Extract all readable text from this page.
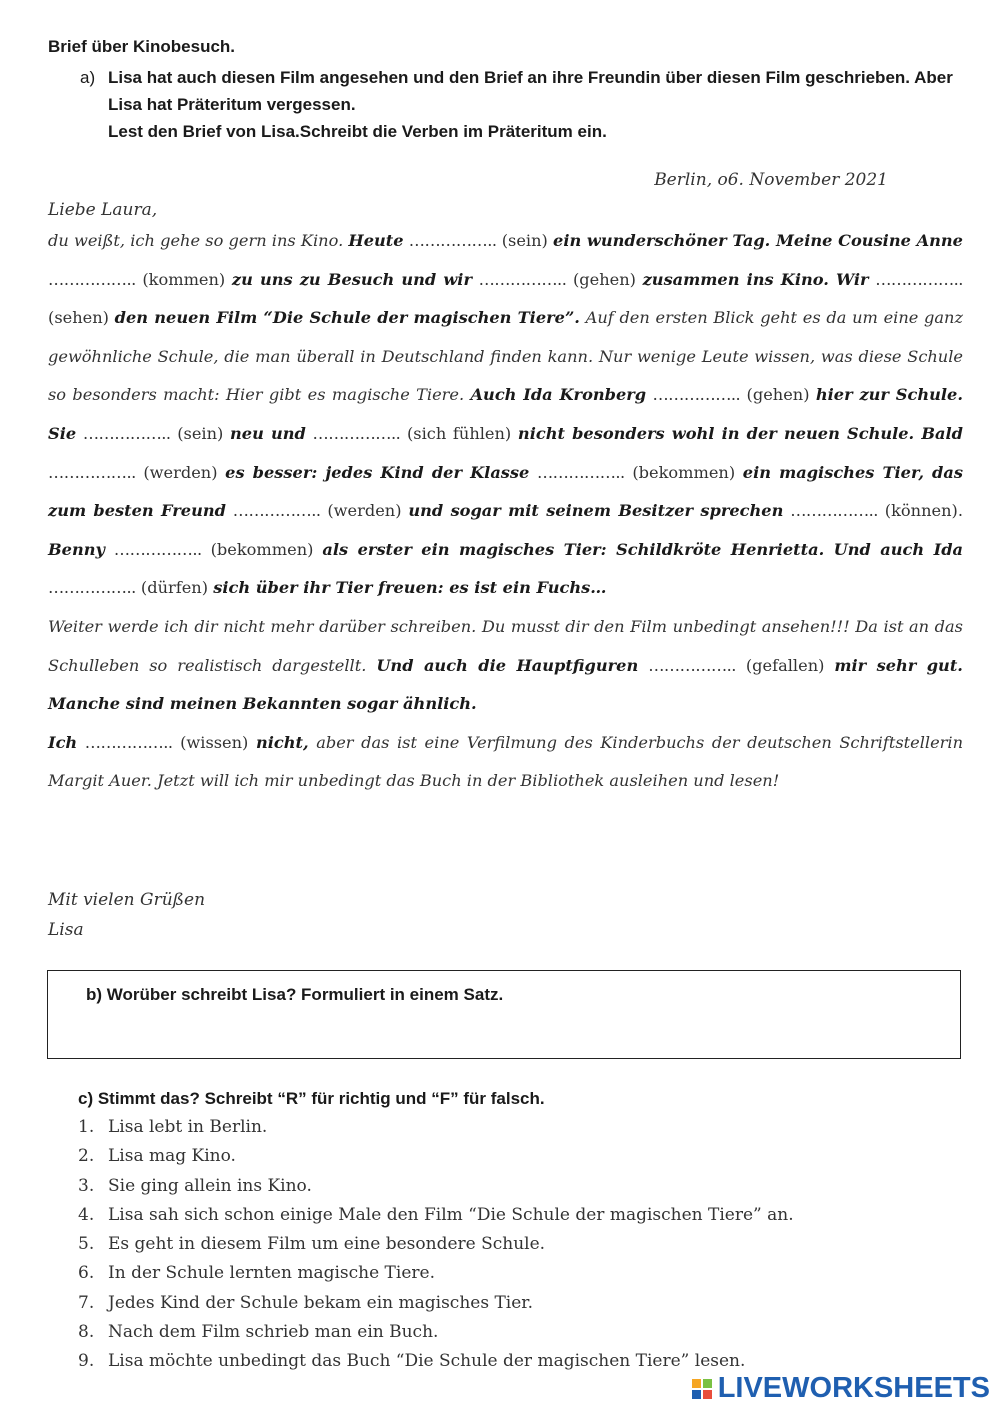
Brief über Kinobesuch.
a) Lisa hat auch diesen Film angesehen und den Brief an ihre Freundin über diesen Film geschrieben. Aber Lisa hat Präteritum vergessen.
Lest den Brief von Lisa.Schreibt die Verben im Präteritum ein.
Berlin, o6. November 2021
Liebe Laura,

du weißt, ich gehe so gern ins Kino. Heute …………….. (sein) ein wunderschöner Tag. Meine Cousine Anne …………….. (kommen) zu uns zu Besuch und wir …………….. (gehen) zusammen ins Kino. Wir …………….. (sehen) den neuen Film “Die Schule der magischen Tiere”. Auf den ersten Blick geht es da um eine ganz gewöhnliche Schule, die man überall in Deutschland finden kann. Nur wenige Leute wissen, was diese Schule so besonders macht: Hier gibt es magische Tiere. Auch Ida Kronberg …………….. (gehen) hier zur Schule. Sie …………….. (sein) neu und …………….. (sich fühlen) nicht besonders wohl in der neuen Schule. Bald …………….. (werden) es besser: jedes Kind der Klasse …………….. (bekommen) ein magisches Tier, das zum besten Freund …………….. (werden) und sogar mit seinem Besitzer sprechen …………….. (können). Benny …………….. (bekommen) als erster ein magisches Tier: Schildkröte Henrietta. Und auch Ida …………….. (dürfen) sich über ihr Tier freuen: es ist ein Fuchs…

Weiter werde ich dir nicht mehr darüber schreiben. Du musst dir den Film unbedingt ansehen!!! Da ist an das Schulleben so realistisch dargestellt. Und auch die Hauptfiguren …………….. (gefallen) mir sehr gut. Manche sind meinen Bekannten sogar ähnlich.

Ich …………….. (wissen) nicht, aber das ist eine Verfilmung des Kinderbuchs der deutschen Schriftstellerin Margit Auer. Jetzt will ich mir unbedingt das Buch in der Bibliothek ausleihen und lesen!

Mit vielen Grüßen
Lisa
b) Worüber schreibt Lisa? Formuliert in einem Satz.
c) Stimmt das? Schreibt “R” für richtig und “F” für falsch.
1. Lisa lebt in Berlin.
2. Lisa mag Kino.
3. Sie ging allein ins Kino.
4. Lisa sah sich schon einige Male den Film “Die Schule der magischen Tiere” an.
5. Es geht in diesem Film um eine besondere Schule.
6. In der Schule lernten magische Tiere.
7. Jedes Kind der Schule bekam ein magisches Tier.
8. Nach dem Film schrieb man ein Buch.
9. Lisa möchte unbedingt das Buch “Die Schule der magischen Tiere” lesen.
LIVEWORKSHEETS
